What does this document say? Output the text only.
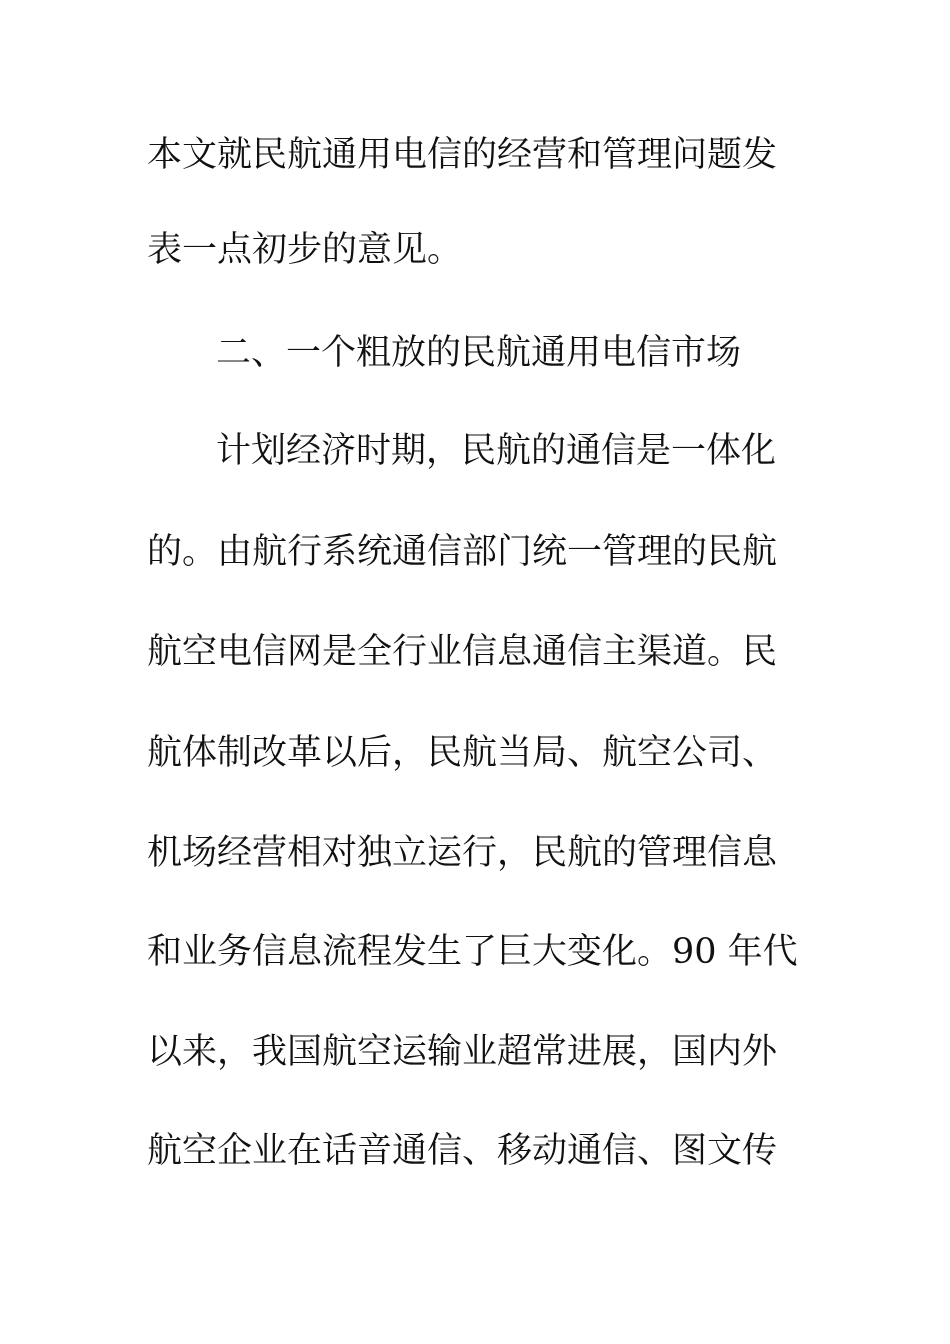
本文就民航通用电信的经营和管理问题发
表一点初步的意见。
二、一个粗放的民航通用电信市场
计划经济时期，民航的通信是一体化
的。由航行系统通信部门统一管理的民航
航空电信网是全行业信息通信主渠道。民
航体制改革以后，民航当局、航空公司、
机场经营相对独立运行，民航的管理信息
和业务信息流程发生了巨大变化。90 年代
以来，我国航空运输业超常进展，国内外
航空企业在话音通信、移动通信、图文传
